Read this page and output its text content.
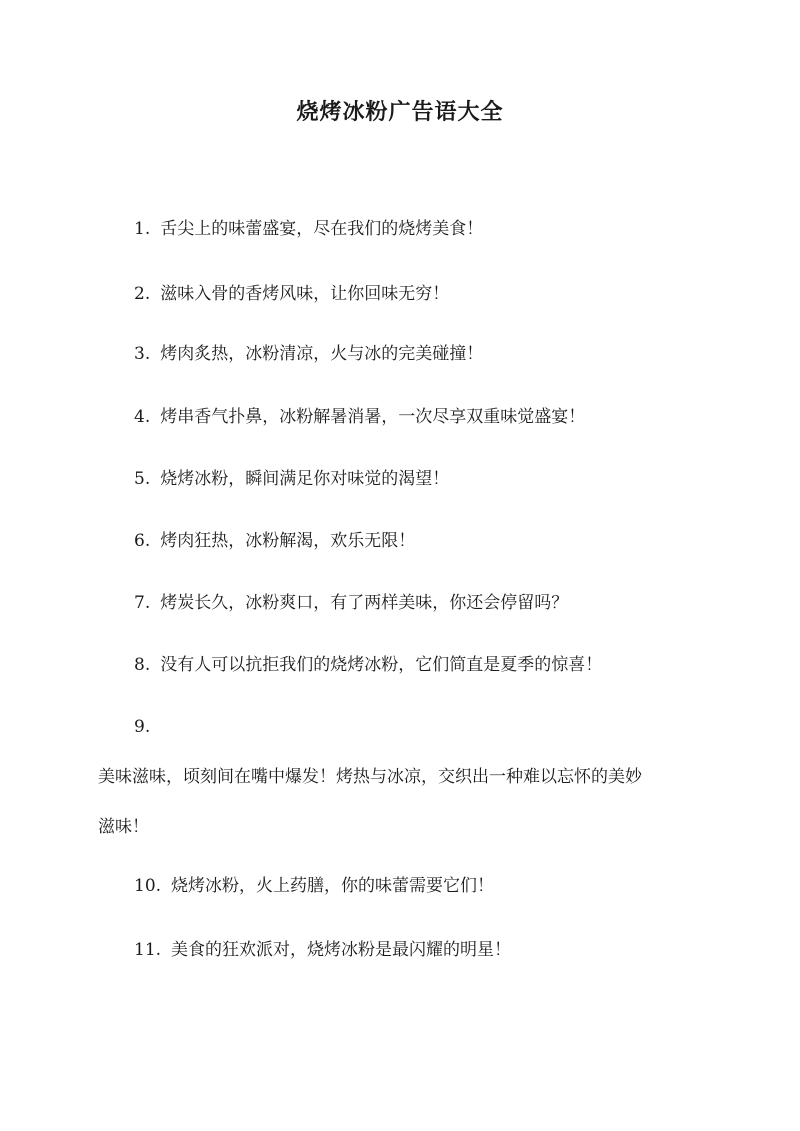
烧烤冰粉广告语大全
1. 舌尖上的味蕾盛宴，尽在我们的烧烤美食！
2. 滋味入骨的香烤风味，让你回味无穷！
3. 烤肉炙热，冰粉清凉，火与冰的完美碰撞！
4. 烤串香气扑鼻，冰粉解暑消暑，一次尽享双重味觉盛宴！
5. 烧烤冰粉，瞬间满足你对味觉的渴望！
6. 烤肉狂热，冰粉解渴，欢乐无限！
7. 烤炭长久，冰粉爽口，有了两样美味，你还会停留吗？
8. 没有人可以抗拒我们的烧烤冰粉，它们简直是夏季的惊喜！
9.
美味滋味，顷刻间在嘴中爆发！烤热与冰凉，交织出一种难以忘怀的美妙
滋味！
10. 烧烤冰粉，火上药膳，你的味蕾需要它们！
11. 美食的狂欢派对，烧烤冰粉是最闪耀的明星！
